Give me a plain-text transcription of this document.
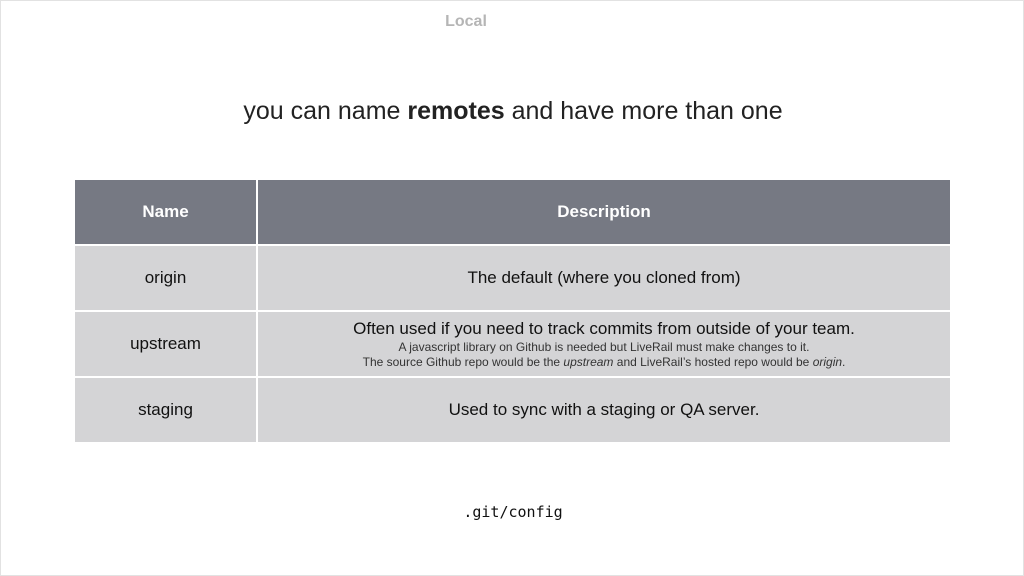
Local
you can name remotes and have more than one
Name	Description
origin	The default (where you cloned from)

upstream	Often used if you need to track commits from outside of your team.
A javascript library on Github is needed but LiveRail must make changes to it.
The source Github repo would be the upstream and LiveRail’s hosted repo would be origin.

staging	Used to sync with a staging or QA server.
.git/config
